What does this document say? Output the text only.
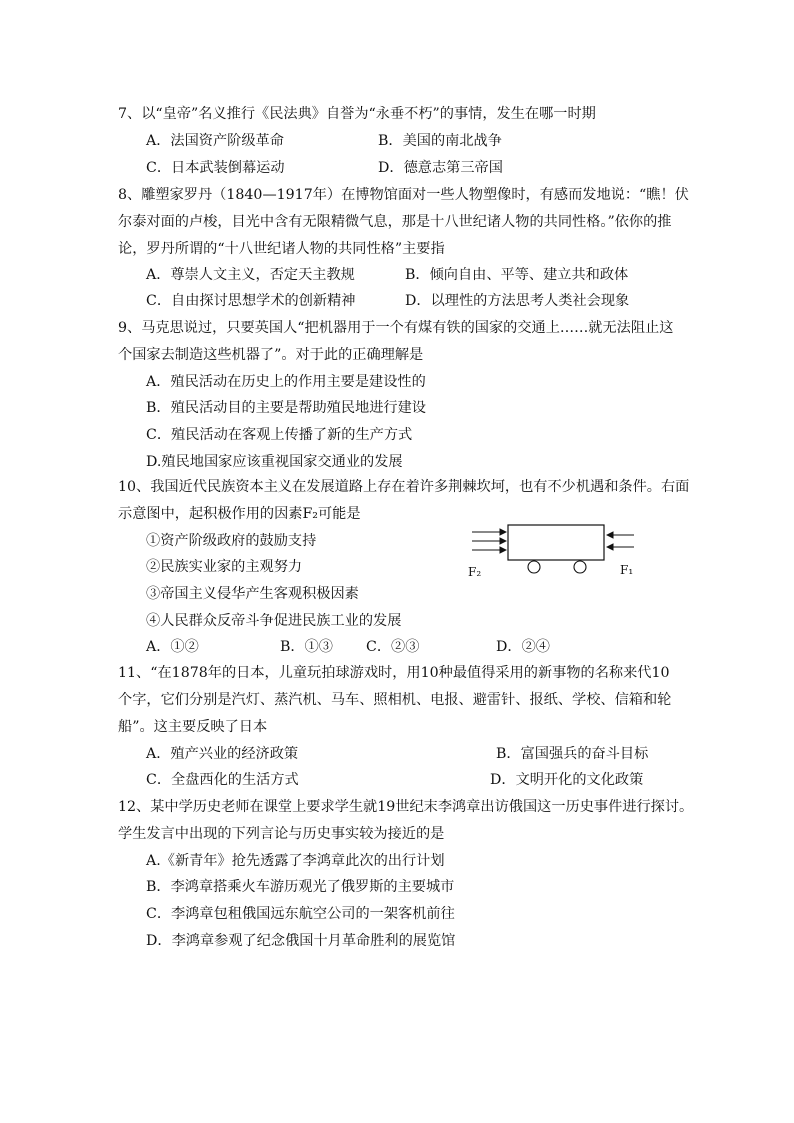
7、以“皇帝”名义推行《民法典》自誉为“永垂不朽”的事情，发生在哪一时期
A．法国资产阶级革命	B．美国的南北战争
C．日本武装倒幕运动	D．德意志第三帝国
8、雕塑家罗丹（1840—1917年）在博物馆面对一些人物塑像时，有感而发地说：“瞧！伏
尔泰对面的卢梭，目光中含有无限精微气息，那是十八世纪诸人物的共同性格。”依你的推
论，罗丹所谓的“十八世纪诸人物的共同性格”主要指
A．尊崇人文主义，否定天主教规	B．倾向自由、平等、建立共和政体
C．自由探讨思想学术的创新精神	D．以理性的方法思考人类社会现象
9、马克思说过，只要英国人“把机器用于一个有煤有铁的国家的交通上……就无法阻止这
个国家去制造这些机器了”。对于此的正确理解是
A．殖民活动在历史上的作用主要是建设性的
B．殖民活动目的主要是帮助殖民地进行建设
C．殖民活动在客观上传播了新的生产方式
D.殖民地国家应该重视国家交通业的发展
10、我国近代民族资本主义在发展道路上存在着许多荆棘坎坷，也有不少机遇和条件。右面
示意图中，起积极作用的因素F₂可能是
①资产阶级政府的鼓励支持
②民族实业家的主观努力
③帝国主义侵华产生客观积极因素
④人民群众反帝斗争促进民族工业的发展
A．①②	B．①③ C．②③	D．②④
F₂	F₁
11、“在1878年的日本，儿童玩拍球游戏时，用10种最值得采用的新事物的名称来代10
个字，它们分别是汽灯、蒸汽机、马车、照相机、电报、避雷针、报纸、学校、信箱和轮
船”。这主要反映了日本
A．殖产兴业的经济政策	B．富国强兵的奋斗目标
C．全盘西化的生活方式	D．文明开化的文化政策
12、某中学历史老师在课堂上要求学生就19世纪末李鸿章出访俄国这一历史事件进行探讨。
学生发言中出现的下列言论与历史事实较为接近的是
A.《新青年》抢先透露了李鸿章此次的出行计划
B．李鸿章搭乘火车游历观光了俄罗斯的主要城市
C．李鸿章包租俄国远东航空公司的一架客机前往
D．李鸿章参观了纪念俄国十月革命胜利的展览馆
